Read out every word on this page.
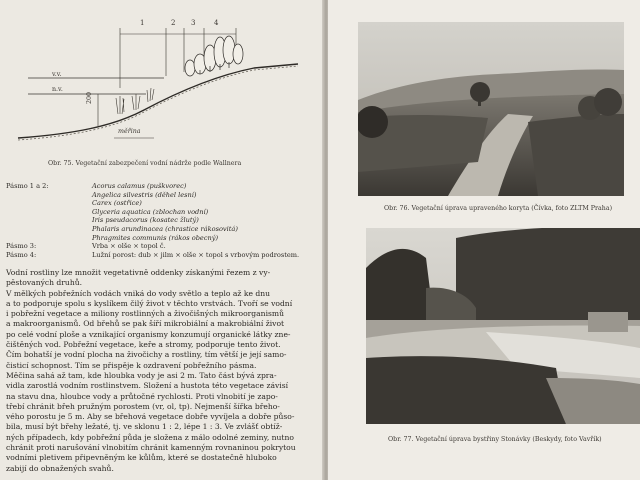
1	2 3	4
v.v.
n.v.
200
měřina
Obr. 75. Vegetační zabezpečení vodní nádrže podle Wallnera
Pásmo 1 a 2:	Acorus calamus (puškvorec)
Angelica silvestris (děhel lesní)
Carex (ostřice)
Glyceria aquatica (zblochan vodní)
Iris pseudacorus (kosatec žlutý)
Phalaris arundinacea (chrastice rákosovitá)
Phragmites communis (rákos obecný)
Pásmo 3:	Vrba × olše × topol č.
Pásmo 4:	Lužní porost: dub × jilm × olše × topol s vrbovým podrostem.
Vodní rostliny lze množit vegetativně oddenky získanými řezem z vy-
pěstovaných druhů.
V mělkých pobřežních vodách vniká do vody světlo a teplo až ke dnu
a to podporuje spolu s kyslíkem čilý život v těchto vrstvách. Tvoří se vodní
i pobřežní vegetace a miliony rostlinných a živočišných mikroorganismů
a makroorganismů. Od břehů se pak šíří mikrobiální a makrobiální život
po celé vodní ploše a vznikající organismy konzumují organické látky zne-
čištěných vod. Pobřežní vegetace, keře a stromy, podporuje tento život.
Čím bohatší je vodní plocha na živočichy a rostliny, tím větší je její samo-
čisticí schopnost. Tím se přispěje k ozdravení pobřežního pásma.
Měčina sahá až tam, kde hloubka vody je asi 2 m. Tato část bývá zpra-
vidla zarostlá vodním rostlinstvem. Složení a hustota této vegetace závisí
na stavu dna, hloubce vody a průtočné rychlosti. Proti vlnobití je zapo-
třebí chránit břeh pružným porostem (vr, ol, tp). Nejmenší šířka břeho-
vého porostu je 5 m. Aby se břehová vegetace dobře vyvíjela a dobře půso-
bila, musí být břehy ležaté, tj. ve sklonu 1 : 2, lépe 1 : 3. Ve zvlášť obtíž-
ných případech, kdy pobřežní půda je složena z málo odolné zeminy, nutno
chránit proti narušování vlnobitím chránit kamenným rovnaninou pokrytou
vodními pletivem připevněným ke kůlům, které se dostatečně hluboko
zabijí do obnažených svahů.
Obr. 76. Vegetační úprava upraveného koryta (Čívka, foto ZLTM Praha)
Obr. 77. Vegetační úprava bystřiny Stonávky (Beskydy, foto Vavřík)
